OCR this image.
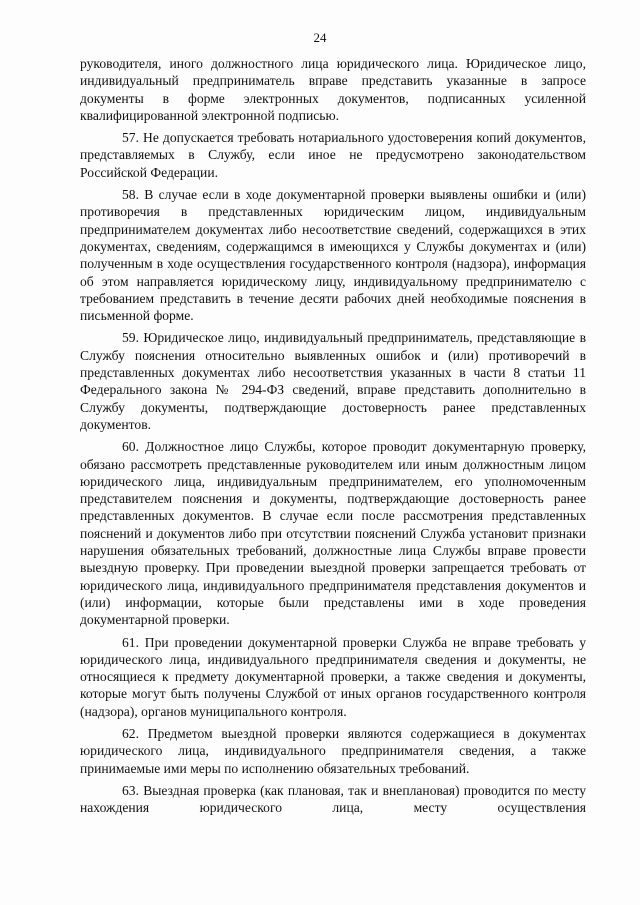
24

руководителя, иного должностного лица юридического лица. Юридическое лицо, индивидуальный предприниматель вправе представить указанные в запросе документы в форме электронных документов, подписанных усиленной квалифицированной электронной подписью.

57. Не допускается требовать нотариального удостоверения копий документов, представляемых в Службу, если иное не предусмотрено законодательством Российской Федерации.

58. В случае если в ходе документарной проверки выявлены ошибки и (или) противоречия в представленных юридическим лицом, индивидуальным предпринимателем документах либо несоответствие сведений, содержащихся в этих документах, сведениям, содержащимся в имеющихся у Службы документах и (или) полученным в ходе осуществления государственного контроля (надзора), информация об этом направляется юридическому лицу, индивидуальному предпринимателю с требованием представить в течение десяти рабочих дней необходимые пояснения в письменной форме.

59. Юридическое лицо, индивидуальный предприниматель, представляющие в Службу пояснения относительно выявленных ошибок и (или) противоречий в представленных документах либо несоответствия указанных в части 8 статьи 11 Федерального закона № 294-ФЗ сведений, вправе представить дополнительно в Службу документы, подтверждающие достоверность ранее представленных документов.

60. Должностное лицо Службы, которое проводит документарную проверку, обязано рассмотреть представленные руководителем или иным должностным лицом юридического лица, индивидуальным предпринимателем, его уполномоченным представителем пояснения и документы, подтверждающие достоверность ранее представленных документов. В случае если после рассмотрения представленных пояснений и документов либо при отсутствии пояснений Служба установит признаки нарушения обязательных требований, должностные лица Службы вправе провести выездную проверку. При проведении выездной проверки запрещается требовать от юридического лица, индивидуального предпринимателя представления документов и (или) информации, которые были представлены ими в ходе проведения документарной проверки.

61. При проведении документарной проверки Служба не вправе требовать у юридического лица, индивидуального предпринимателя сведения и документы, не относящиеся к предмету документарной проверки, а также сведения и документы, которые могут быть получены Службой от иных органов государственного контроля (надзора), органов муниципального контроля.

62. Предметом выездной проверки являются содержащиеся в документах юридического лица, индивидуального предпринимателя сведения, а также принимаемые ими меры по исполнению обязательных требований.

63. Выездная проверка (как плановая, так и внеплановая) проводится по месту нахождения юридического лица, месту осуществления
